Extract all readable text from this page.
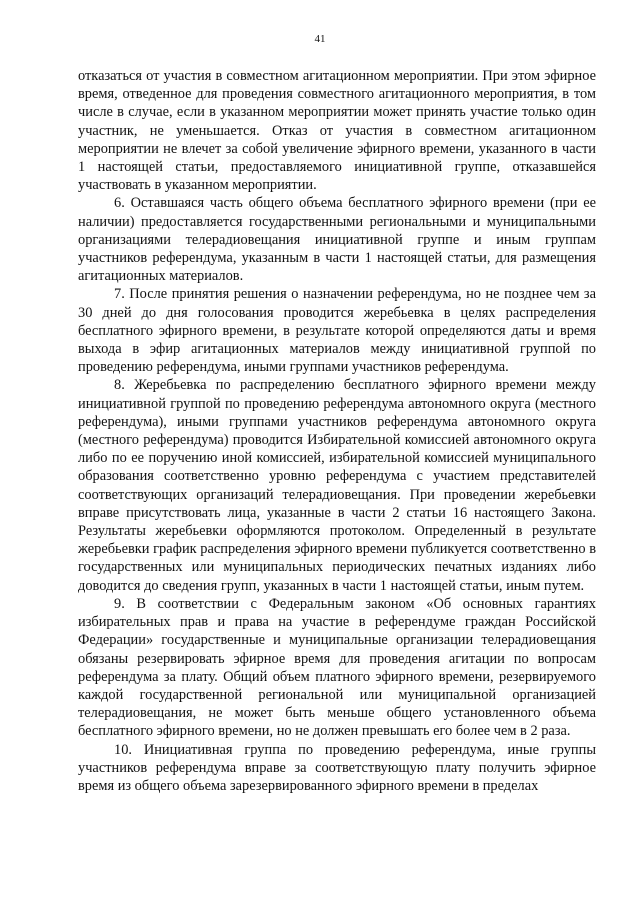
41

отказаться от участия в совместном агитационном мероприятии. При этом эфирное время, отведенное для проведения совместного агитационного мероприятия, в том числе в случае, если в указанном мероприятии может принять участие только один участник, не уменьшается. Отказ от участия в совместном агитационном мероприятии не влечет за собой увеличение эфирного времени, указанного в части 1 настоящей статьи, предоставляемого инициативной группе, отказавшейся участвовать в указанном мероприятии.

6. Оставшаяся часть общего объема бесплатного эфирного времени (при ее наличии) предоставляется государственными региональными и муниципальными организациями телерадиовещания инициативной группе и иным группам участников референдума, указанным в части 1 настоящей статьи, для размещения агитационных материалов.

7. После принятия решения о назначении референдума, но не позднее чем за 30 дней до дня голосования проводится жеребьевка в целях распределения бесплатного эфирного времени, в результате которой определяются даты и время выхода в эфир агитационных материалов между инициативной группой по проведению референдума, иными группами участников референдума.

8. Жеребьевка по распределению бесплатного эфирного времени между инициативной группой по проведению референдума автономного округа (местного референдума), иными группами участников референдума автономного округа (местного референдума) проводится Избирательной комиссией автономного округа либо по ее поручению иной комиссией, избирательной комиссией муниципального образования соответственно уровню референдума с участием представителей соответствующих организаций телерадиовещания. При проведении жеребьевки вправе присутствовать лица, указанные в части 2 статьи 16 настоящего Закона. Результаты жеребьевки оформляются протоколом. Определенный в результате жеребьевки график распределения эфирного времени публикуется соответственно в государственных или муниципальных периодических печатных изданиях либо доводится до сведения групп, указанных в части 1 настоящей статьи, иным путем.

9. В соответствии с Федеральным законом «Об основных гарантиях избирательных прав и права на участие в референдуме граждан Российской Федерации» государственные и муниципальные организации телерадиовещания обязаны резервировать эфирное время для проведения агитации по вопросам референдума за плату. Общий объем платного эфирного времени, резервируемого каждой государственной региональной или муниципальной организацией телерадиовещания, не может быть меньше общего установленного объема бесплатного эфирного времени, но не должен превышать его более чем в 2 раза.

10. Инициативная группа по проведению референдума, иные группы участников референдума вправе за соответствующую плату получить эфирное время из общего объема зарезервированного эфирного времени в пределах
